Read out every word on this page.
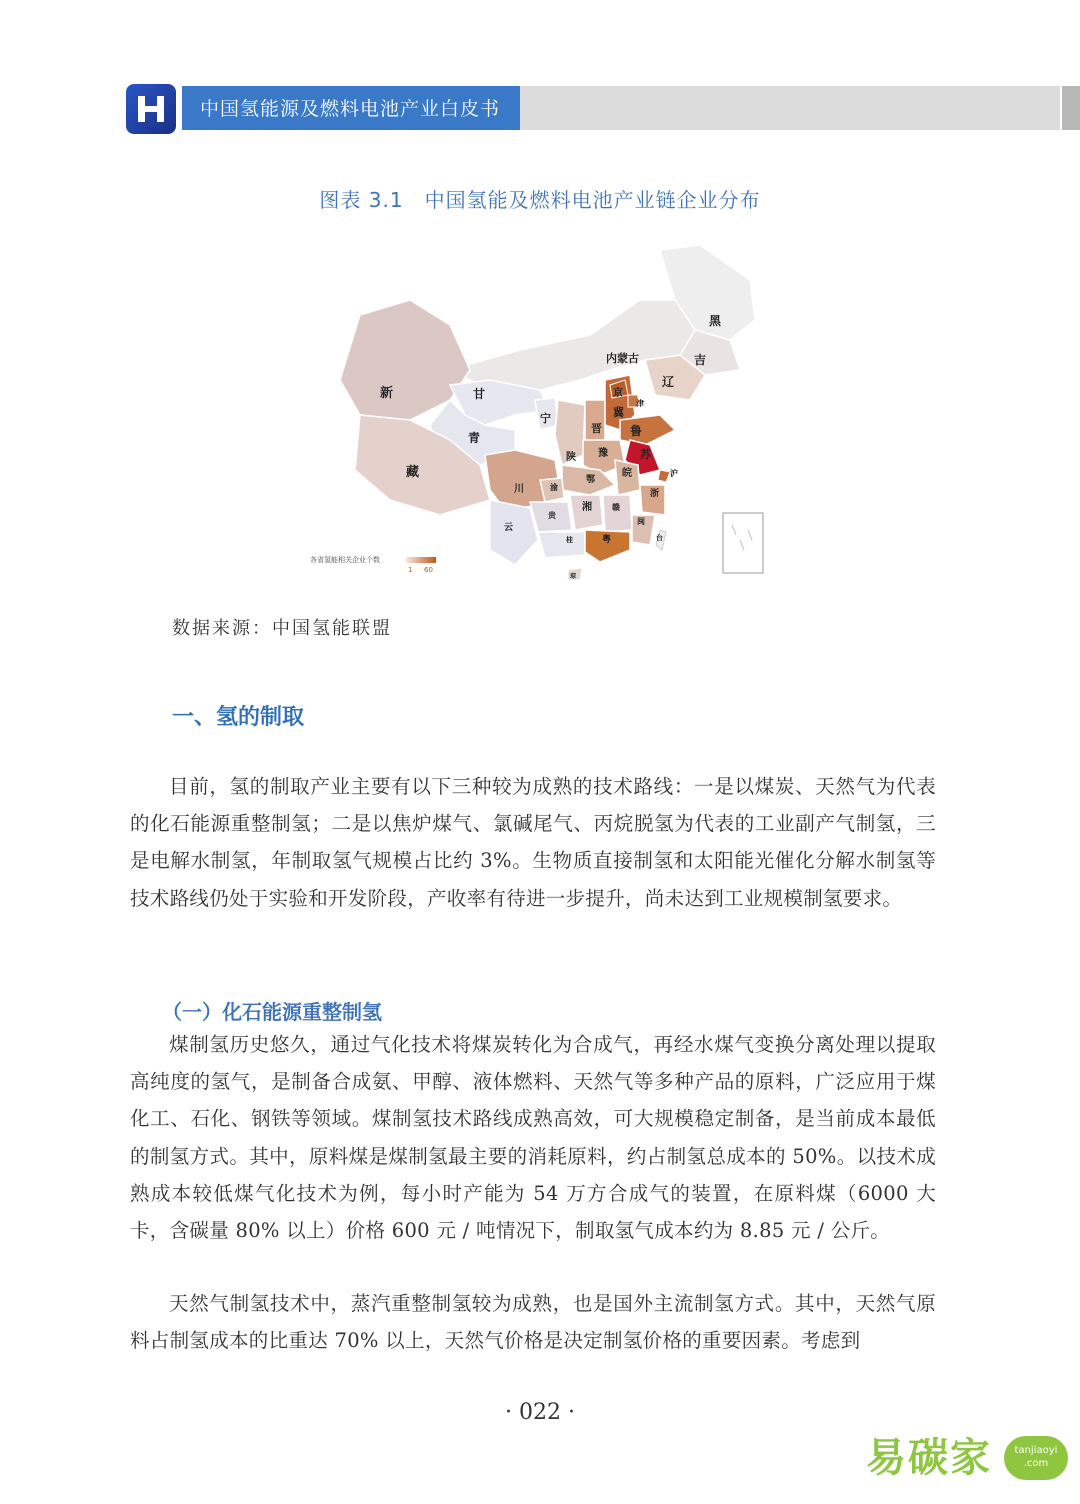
中国氢能源及燃料电池产业白皮书
图表 3.1　中国氢能及燃料电池产业链企业分布
黑
吉
辽
内蒙古
新	甘
宁
青
藏
京
津
冀
晋 鲁
陕 豫	苏
沪
皖
鄂
川	渝
浙
湘	赣
闽
贵
云
桂	粤	台
琼
各省氢能相关企业个数
1 60
数据来源：中国氢能联盟
一、氢的制取
目前，氢的制取产业主要有以下三种较为成熟的技术路线：一是以煤炭、天然气为代表的化石能源重整制氢；二是以焦炉煤气、氯碱尾气、丙烷脱氢为代表的工业副产气制氢，三是电解水制氢，年制取氢气规模占比约 3%。生物质直接制氢和太阳能光催化分解水制氢等技术路线仍处于实验和开发阶段，产收率有待进一步提升，尚未达到工业规模制氢要求。
（一）化石能源重整制氢
煤制氢历史悠久，通过气化技术将煤炭转化为合成气，再经水煤气变换分离处理以提取高纯度的氢气，是制备合成氨、甲醇、液体燃料、天然气等多种产品的原料，广泛应用于煤化工、石化、钢铁等领域。煤制氢技术路线成熟高效，可大规模稳定制备，是当前成本最低的制氢方式。其中，原料煤是煤制氢最主要的消耗原料，约占制氢总成本的 50%。以技术成熟成本较低煤气化技术为例，每小时产能为 54 万方合成气的装置，在原料煤（6000 大卡，含碳量 80% 以上）价格 600 元 / 吨情况下，制取氢气成本约为 8.85 元 / 公斤。
天然气制氢技术中，蒸汽重整制氢较为成熟，也是国外主流制氢方式。其中，天然气原料占制氢成本的比重达 70% 以上，天然气价格是决定制氢价格的重要因素。考虑到
· 022 ·
易碳家	tanjiaoyi
.com
